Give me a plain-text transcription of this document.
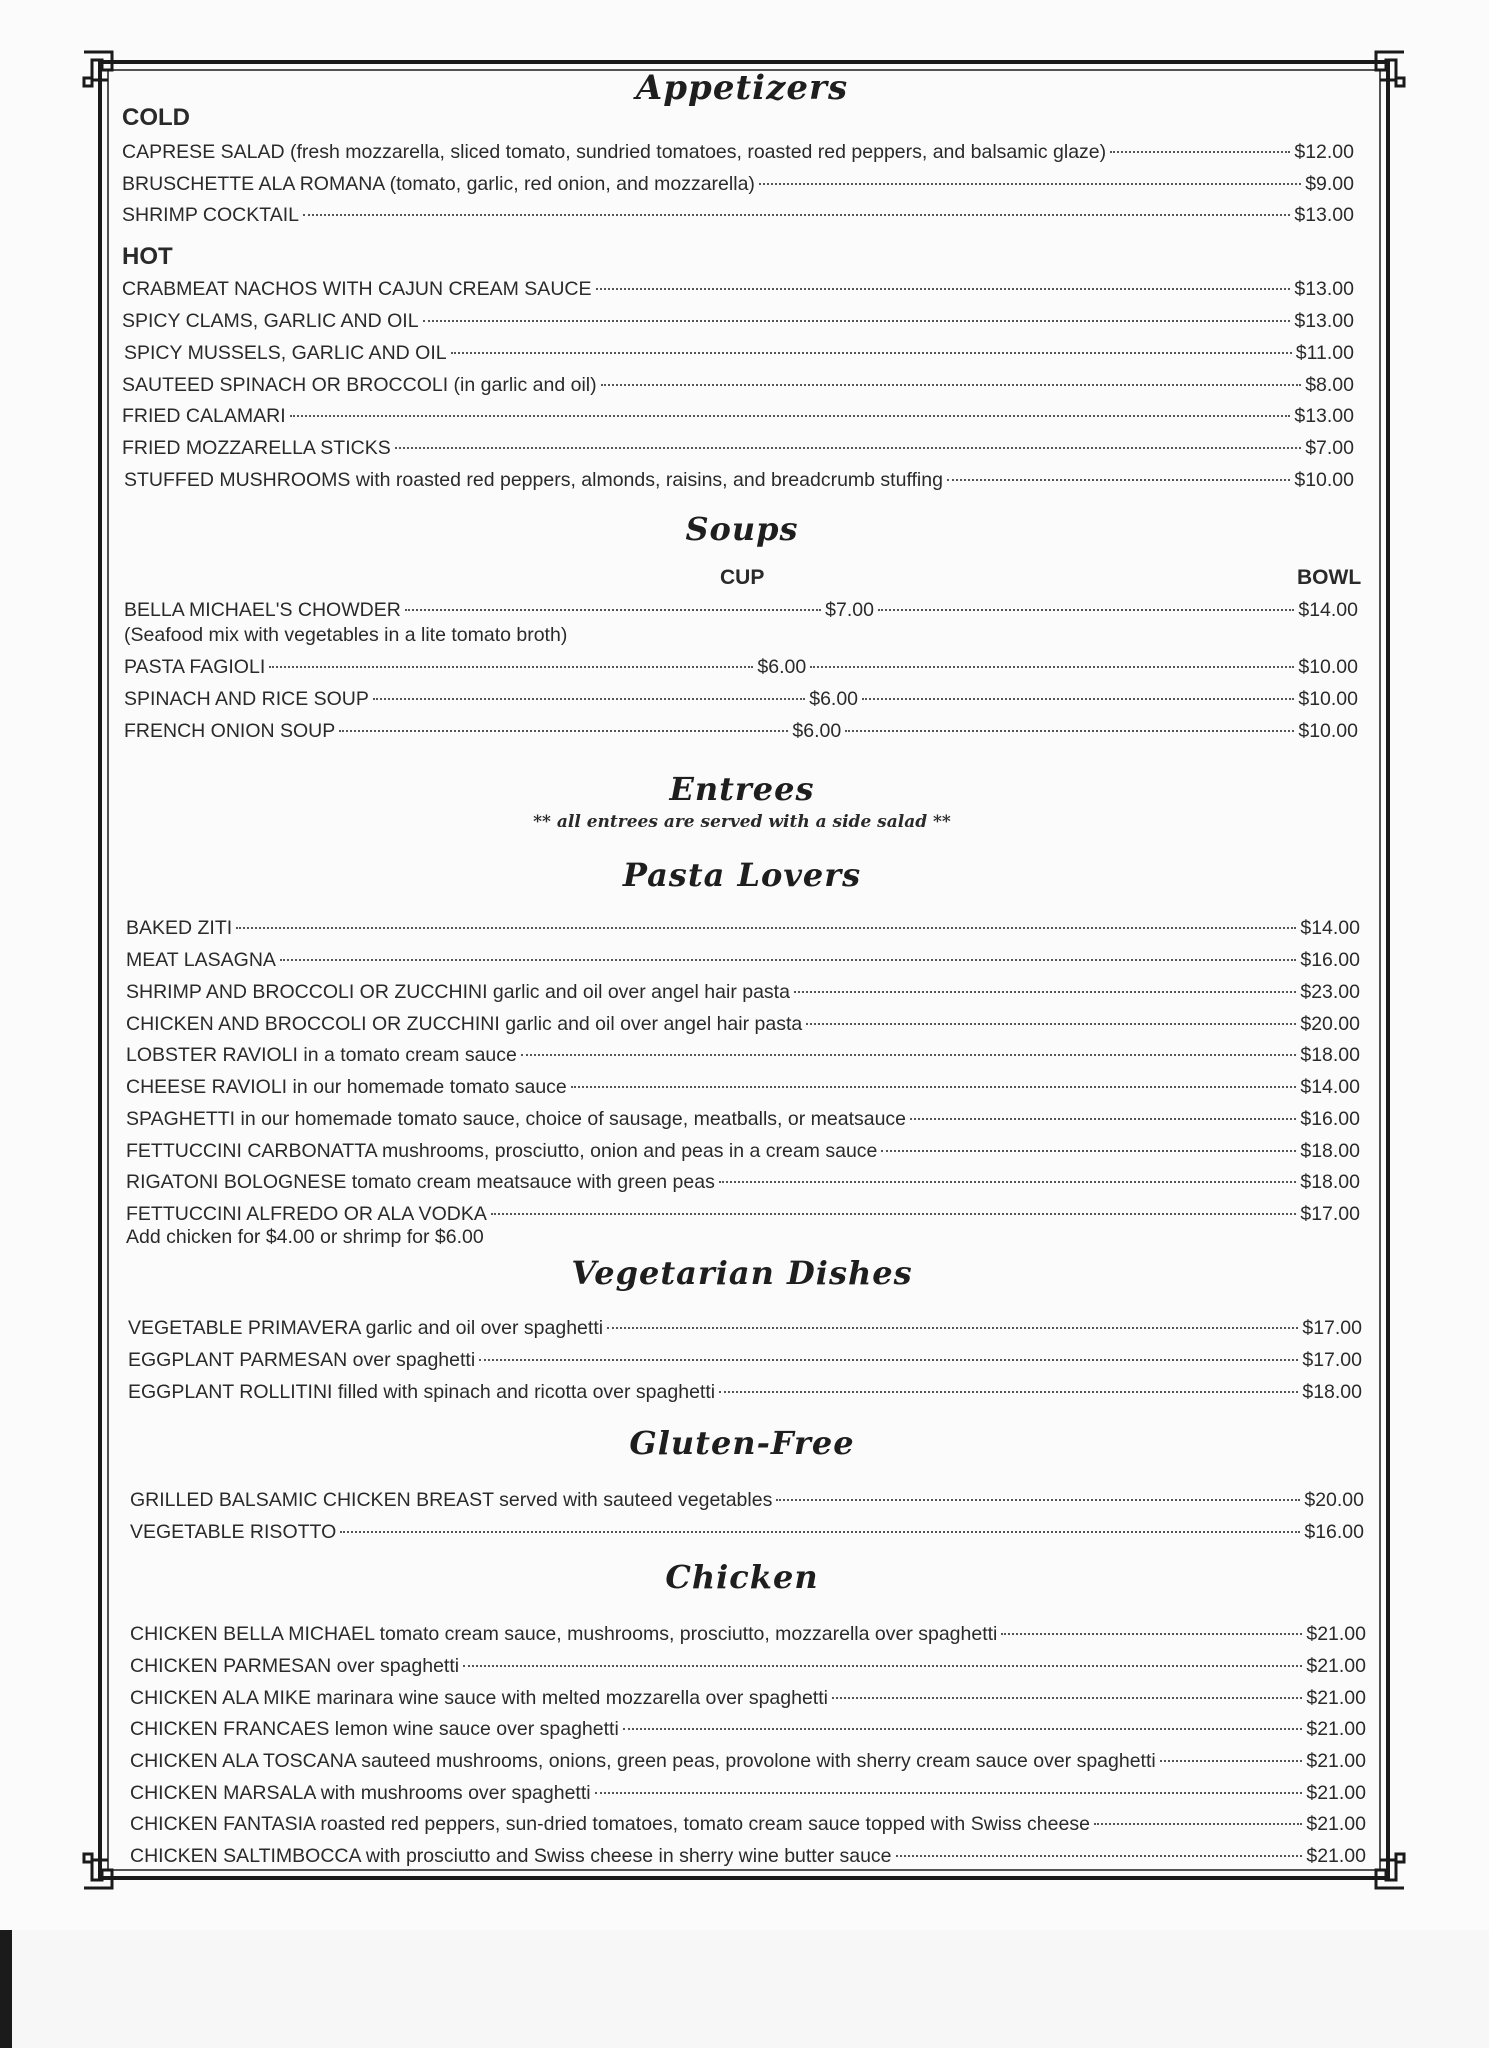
Appetizers
COLD
CAPRESE SALAD (fresh mozzarella, sliced tomato, sundried tomatoes, roasted red peppers, and balsamic glaze)	$12.00
BRUSCHETTE ALA ROMANA (tomato, garlic, red onion, and mozzarella)	$9.00
SHRIMP COCKTAIL	$13.00
HOT
CRABMEAT NACHOS WITH CAJUN CREAM SAUCE	$13.00
SPICY CLAMS, GARLIC AND OIL	$13.00
SPICY MUSSELS, GARLIC AND OIL	$11.00
SAUTEED SPINACH OR BROCCOLI (in garlic and oil)	$8.00
FRIED CALAMARI	$13.00
FRIED MOZZARELLA STICKS	$7.00
STUFFED MUSHROOMS with roasted red peppers, almonds, raisins, and breadcrumb stuffing	$10.00
Soups
CUP	BOWL
BELLA MICHAEL'S CHOWDER	$7.00	$14.00
(Seafood mix with vegetables in a lite tomato broth)
PASTA FAGIOLI	$6.00	$10.00
SPINACH AND RICE SOUP	$6.00	$10.00
FRENCH ONION SOUP	$6.00	$10.00
Entrees
** all entrees are served with a side salad **
Pasta Lovers
BAKED ZITI	$14.00
MEAT LASAGNA	$16.00
SHRIMP AND BROCCOLI OR ZUCCHINI garlic and oil over angel hair pasta	$23.00
CHICKEN AND BROCCOLI OR ZUCCHINI garlic and oil over angel hair pasta	$20.00
LOBSTER RAVIOLI in a tomato cream sauce	$18.00
CHEESE RAVIOLI in our homemade tomato sauce	$14.00
SPAGHETTI in our homemade tomato sauce, choice of sausage, meatballs, or meatsauce	$16.00
FETTUCCINI CARBONATTA mushrooms, prosciutto, onion and peas in a cream sauce	$18.00
RIGATONI BOLOGNESE tomato cream meatsauce with green peas	$18.00
FETTUCCINI ALFREDO OR ALA VODKA	$17.00
Add chicken for $4.00 or shrimp for $6.00
Vegetarian Dishes
VEGETABLE PRIMAVERA garlic and oil over spaghetti	$17.00
EGGPLANT PARMESAN over spaghetti	$17.00
EGGPLANT ROLLITINI filled with spinach and ricotta over spaghetti	$18.00
Gluten-Free
GRILLED BALSAMIC CHICKEN BREAST served with sauteed vegetables	$20.00
VEGETABLE RISOTTO	$16.00
Chicken
CHICKEN BELLA MICHAEL tomato cream sauce, mushrooms, prosciutto, mozzarella over spaghetti	$21.00
CHICKEN PARMESAN over spaghetti	$21.00
CHICKEN ALA MIKE marinara wine sauce with melted mozzarella over spaghetti	$21.00
CHICKEN FRANCAES lemon wine sauce over spaghetti	$21.00
CHICKEN ALA TOSCANA sauteed mushrooms, onions, green peas, provolone with sherry cream sauce over spaghetti	$21.00
CHICKEN MARSALA with mushrooms over spaghetti	$21.00
CHICKEN FANTASIA roasted red peppers, sun-dried tomatoes, tomato cream sauce topped with Swiss cheese	$21.00
CHICKEN SALTIMBOCCA with prosciutto and Swiss cheese in sherry wine butter sauce	$21.00
